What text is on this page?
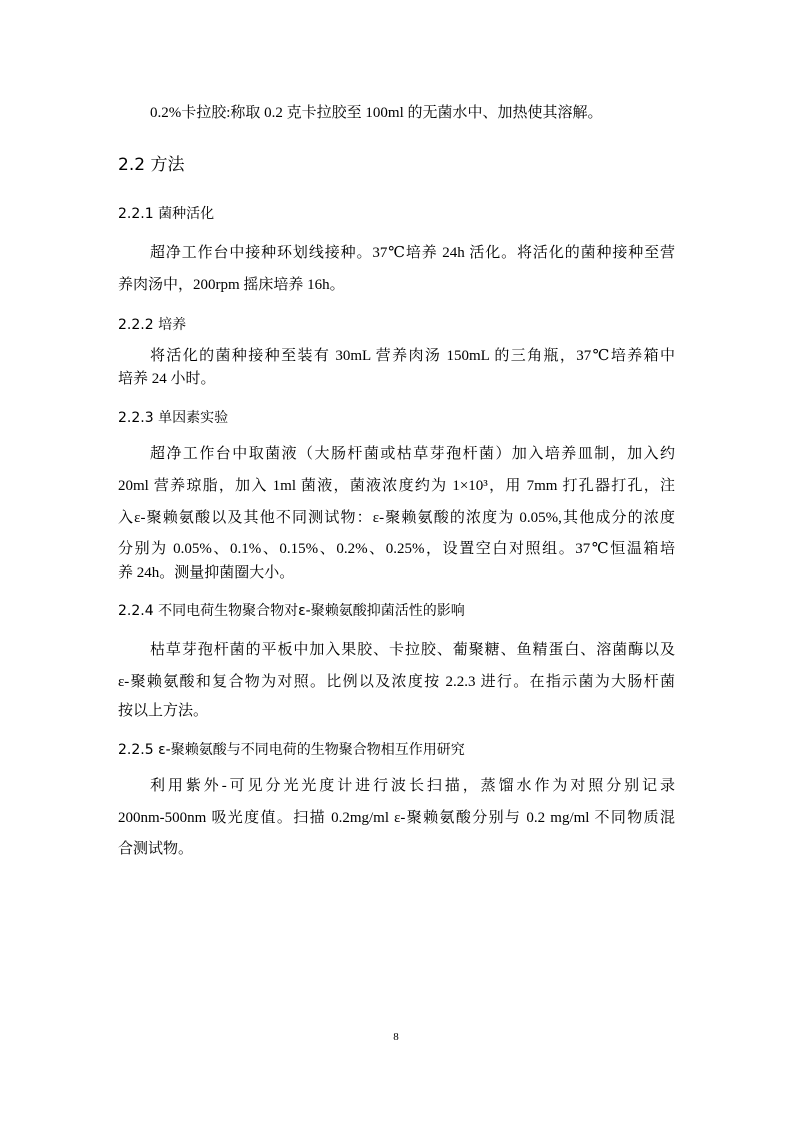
0.2%卡拉胶:称取 0.2 克卡拉胶至 100ml 的无菌水中、加热使其溶解。
2.2 方法
2.2.1 菌种活化
超净工作台中接种环划线接种。37℃培养 24h 活化。将活化的菌种接种至营
养肉汤中，200rpm 摇床培养 16h。
2.2.2 培养
将活化的菌种接种至装有 30mL 营养肉汤 150mL 的三角瓶，37℃培养箱中
培养 24 小时。
2.2.3 单因素实验
超净工作台中取菌液（大肠杆菌或枯草芽孢杆菌）加入培养皿制，加入约
20ml 营养琼脂，加入 1ml 菌液，菌液浓度约为 1×10³，用 7mm 打孔器打孔，注
入ε-聚赖氨酸以及其他不同测试物：ε-聚赖氨酸的浓度为 0.05%,其他成分的浓度
分别为 0.05%、0.1%、0.15%、0.2%、0.25%，设置空白对照组。37℃恒温箱培
养 24h。测量抑菌圈大小。
2.2.4 不同电荷生物聚合物对ε-聚赖氨酸抑菌活性的影响
枯草芽孢杆菌的平板中加入果胶、卡拉胶、葡聚糖、鱼精蛋白、溶菌酶以及
ε-聚赖氨酸和复合物为对照。比例以及浓度按 2.2.3 进行。在指示菌为大肠杆菌
按以上方法。
2.2.5 ε-聚赖氨酸与不同电荷的生物聚合物相互作用研究
利用紫外-可见分光光度计进行波长扫描，蒸馏水作为对照分别记录
200nm-500nm 吸光度值。扫描 0.2mg/ml ε-聚赖氨酸分别与 0.2 mg/ml 不同物质混
合测试物。
8
